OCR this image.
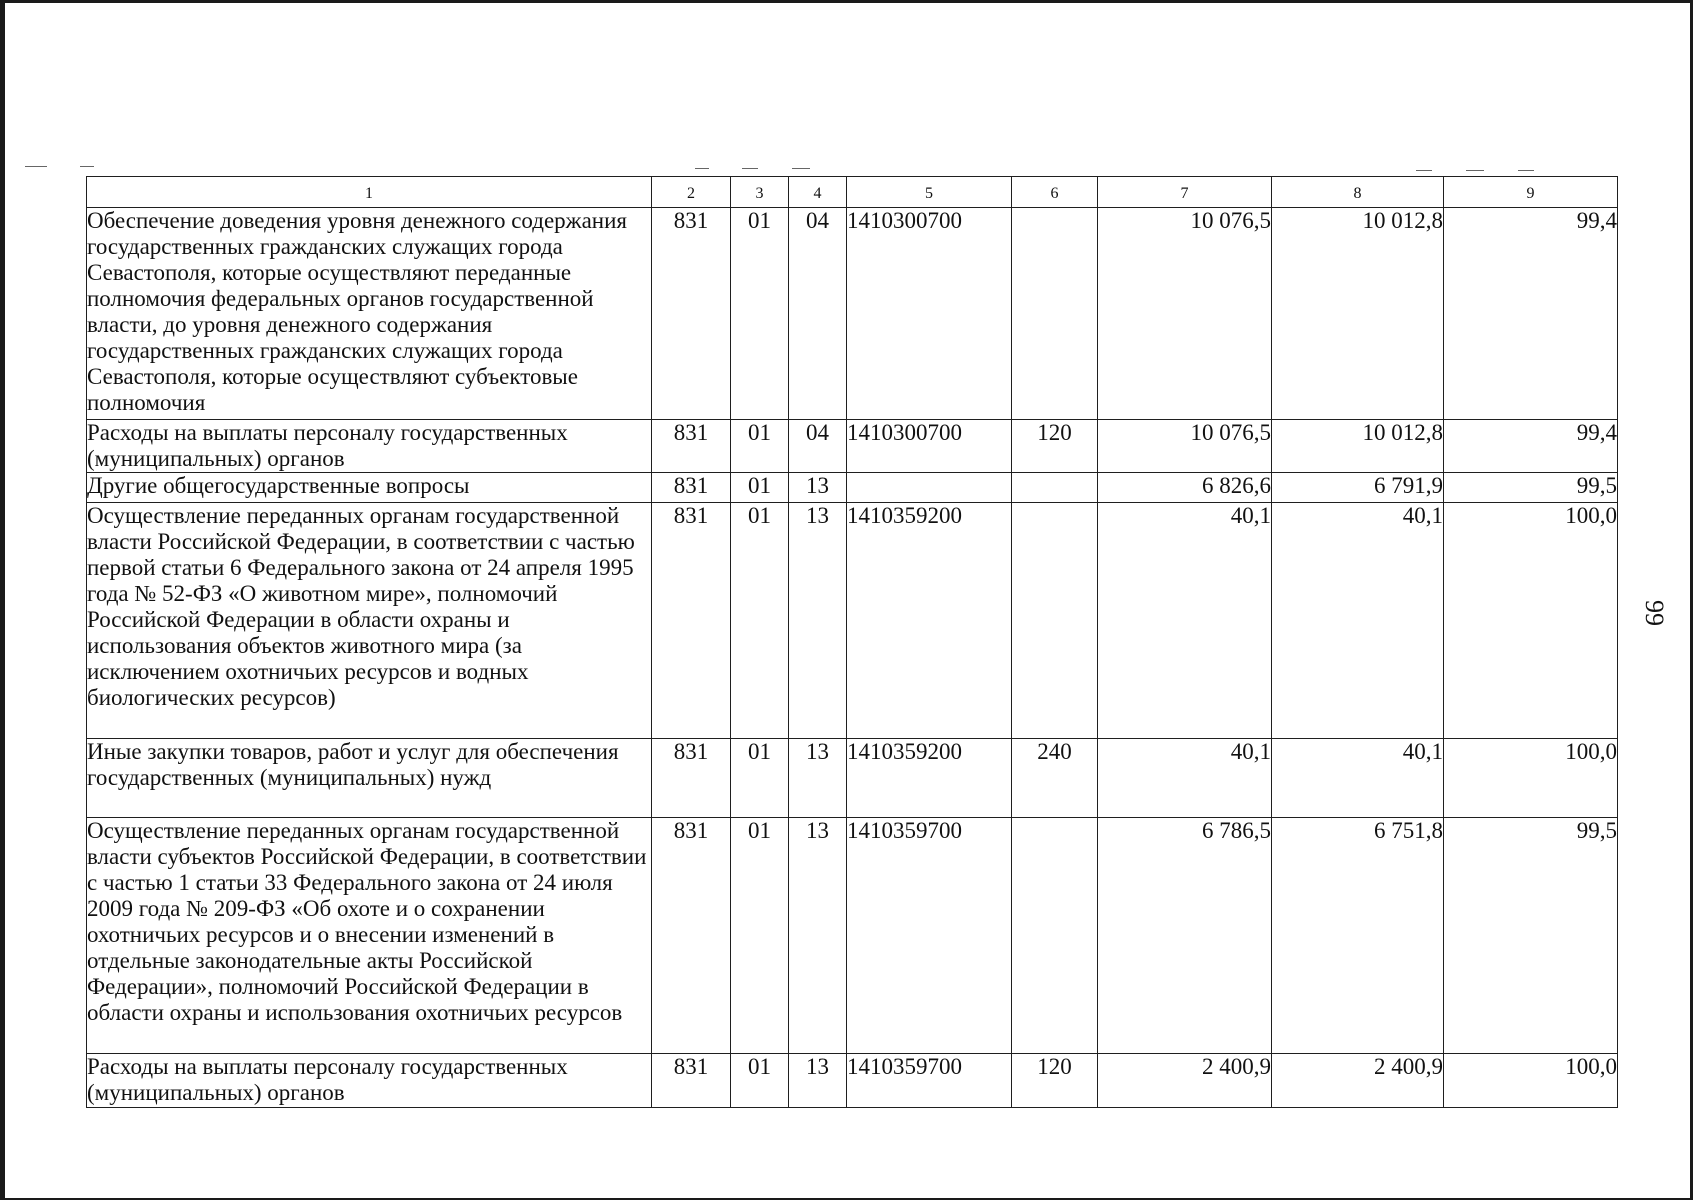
1	2	3	4	5	6	7	8	9
Обеспечение доведения уровня денежного содержания государственных гражданских служащих города Севастополя, которые осуществляют переданные полномочия федеральных органов государственной власти, до уровня денежного содержания государственных гражданских служащих города Севастополя, которые осуществляют субъектовые полномочия	831	01	04	1410300700		10 076,5	10 012,8	99,4
Расходы на выплаты персоналу государственных (муниципальных) органов	831	01	04	1410300700	120	10 076,5	10 012,8	99,4
Другие общегосударственные вопросы	831	01	13			6 826,6	6 791,9	99,5
Осуществление переданных органам государственной власти Российской Федерации, в соответствии с частью первой статьи 6 Федерального закона от 24 апреля 1995 года № 52-ФЗ «О животном мире», полномочий Российской Федерации в области охраны и использования объектов животного мира (за исключением охотничьих ресурсов и водных биологических ресурсов)	831	01	13	1410359200		40,1	40,1	100,0
Иные закупки товаров, работ и услуг для обеспечения государственных (муниципальных) нужд	831	01	13	1410359200	240	40,1	40,1	100,0
Осуществление переданных органам государственной власти субъектов Российской Федерации, в соответствии с частью 1 статьи 33 Федерального закона от 24 июля 2009 года № 209-ФЗ «Об охоте и о сохранении охотничьих ресурсов и о внесении изменений в отдельные законодательные акты Российской Федерации», полномочий Российской Федерации в области охраны и использования охотничьих ресурсов	831	01	13	1410359700		6 786,5	6 751,8	99,5
Расходы на выплаты персоналу государственных (муниципальных) органов	831	01	13	1410359700	120	2 400,9	2 400,9	100,0
99
